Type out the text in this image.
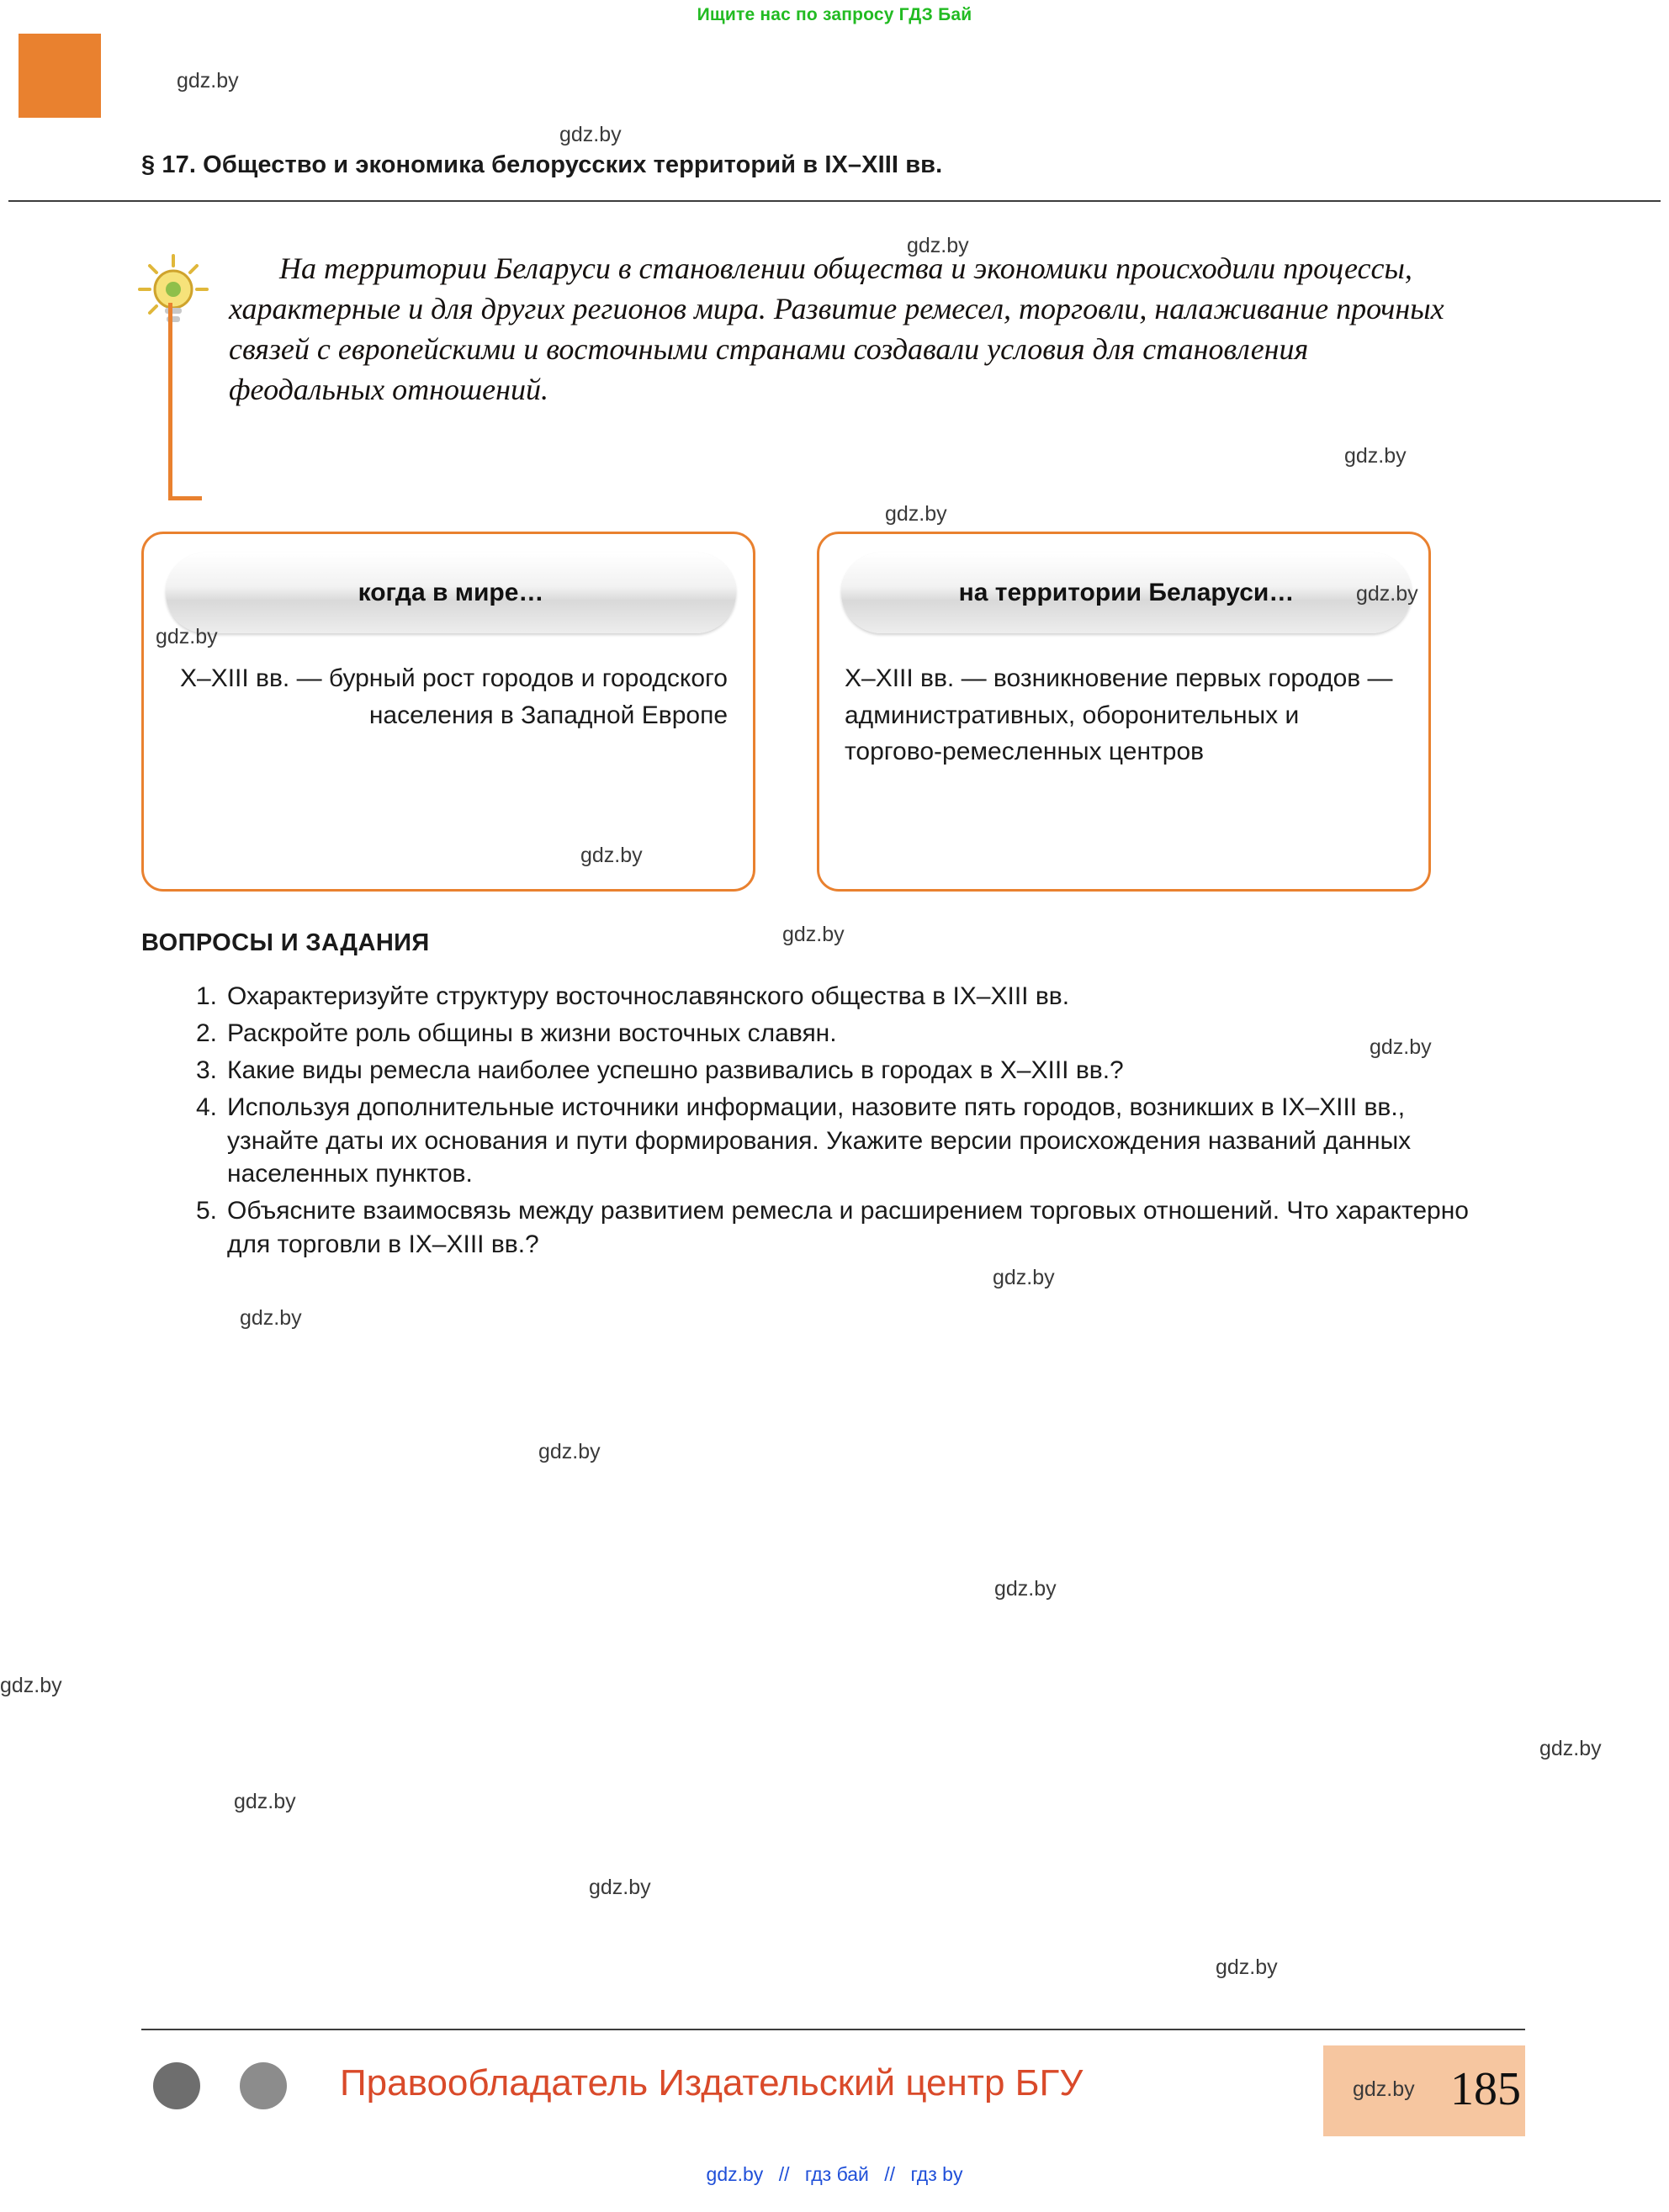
Ищите нас по запросу ГДЗ Бай
§ 17. Общество и экономика белорусских территорий в IX–XIII вв.
На территории Беларуси в становлении общества и экономики происходили процессы, характерные и для других регионов мира. Развитие ремесел, торговли, налаживание прочных связей с европейскими и восточными странами создавали условия для становления феодальных отношений.
когда в мире…
X–XIII вв. — бурный рост городов и городского населения в Западной Европе
на территории Беларуси…
X–XIII вв. — возникновение первых городов — административных, оборонительных и торгово-ремесленных центров
ВОПРОСЫ И ЗАДАНИЯ
1. Охарактеризуйте структуру восточнославянского общества в IX–XIII вв.
2. Раскройте роль общины в жизни восточных славян.
3. Какие виды ремесла наиболее успешно развивались в городах в X–XIII вв.?
4. Используя дополнительные источники информации, назовите пять городов, возникших в IX–XIII вв., узнайте даты их основания и пути формирования. Укажите версии происхождения названий данных населенных пунктов.
5. Объясните взаимосвязь между развитием ремесла и расширением торговых отношений. Что характерно для торговли в IX–XIII вв.?
Правообладатель Издательский центр БГУ	gdz.by 185
gdz.by // гдз бай // гдз by
gdz.by
gdz.by
gdz.by
gdz.by
gdz.by
gdz.by
gdz.by
gdz.by
gdz.by
gdz.by
gdz.by
gdz.by
gdz.by
gdz.by
gdz.by
gdz.by
gdz.by
gdz.by
gdz.by
